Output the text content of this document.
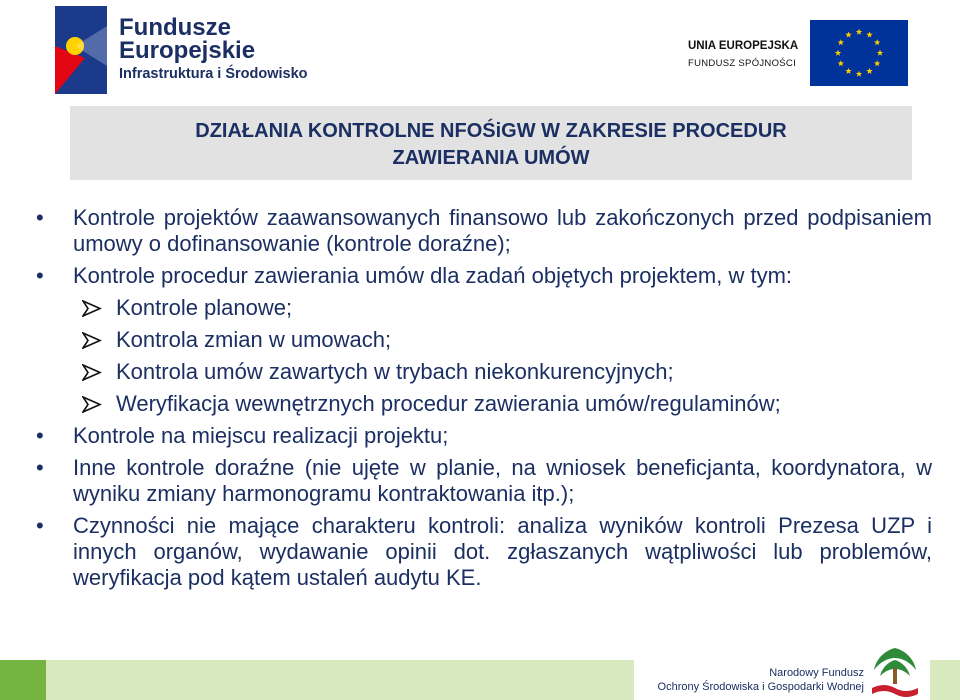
Fundusze
Europejskie
Infrastruktura i Środowisko
UNIA EUROPEJSKA
FUNDUSZ SPÓJNOŚCI
DZIAŁANIA KONTROLNE NFOŚiGW W ZAKRESIE PROCEDUR
ZAWIERANIA UMÓW
•	Kontrole projektów zaawansowanych finansowo lub zakończonych przed podpisaniem umowy o dofinansowanie (kontrole doraźne);
•	Kontrole procedur zawierania umów dla zadań objętych projektem, w tym:
Kontrole planowe;
Kontrola zmian w umowach;
Kontrola umów zawartych w trybach niekonkurencyjnych;
Weryfikacja wewnętrznych procedur zawierania umów/regulaminów;
•	Kontrole na miejscu realizacji projektu;
•	Inne kontrole doraźne (nie ujęte w planie, na wniosek beneficjanta, koordynatora, w wyniku zmiany harmonogramu kontraktowania itp.);
•	Czynności nie mające charakteru kontroli: analiza wyników kontroli Prezesa UZP i innych organów, wydawanie opinii dot. zgłaszanych wątpliwości lub problemów, weryfikacja pod kątem ustaleń audytu KE.
Narodowy Fundusz
Ochrony Środowiska i Gospodarki Wodnej
